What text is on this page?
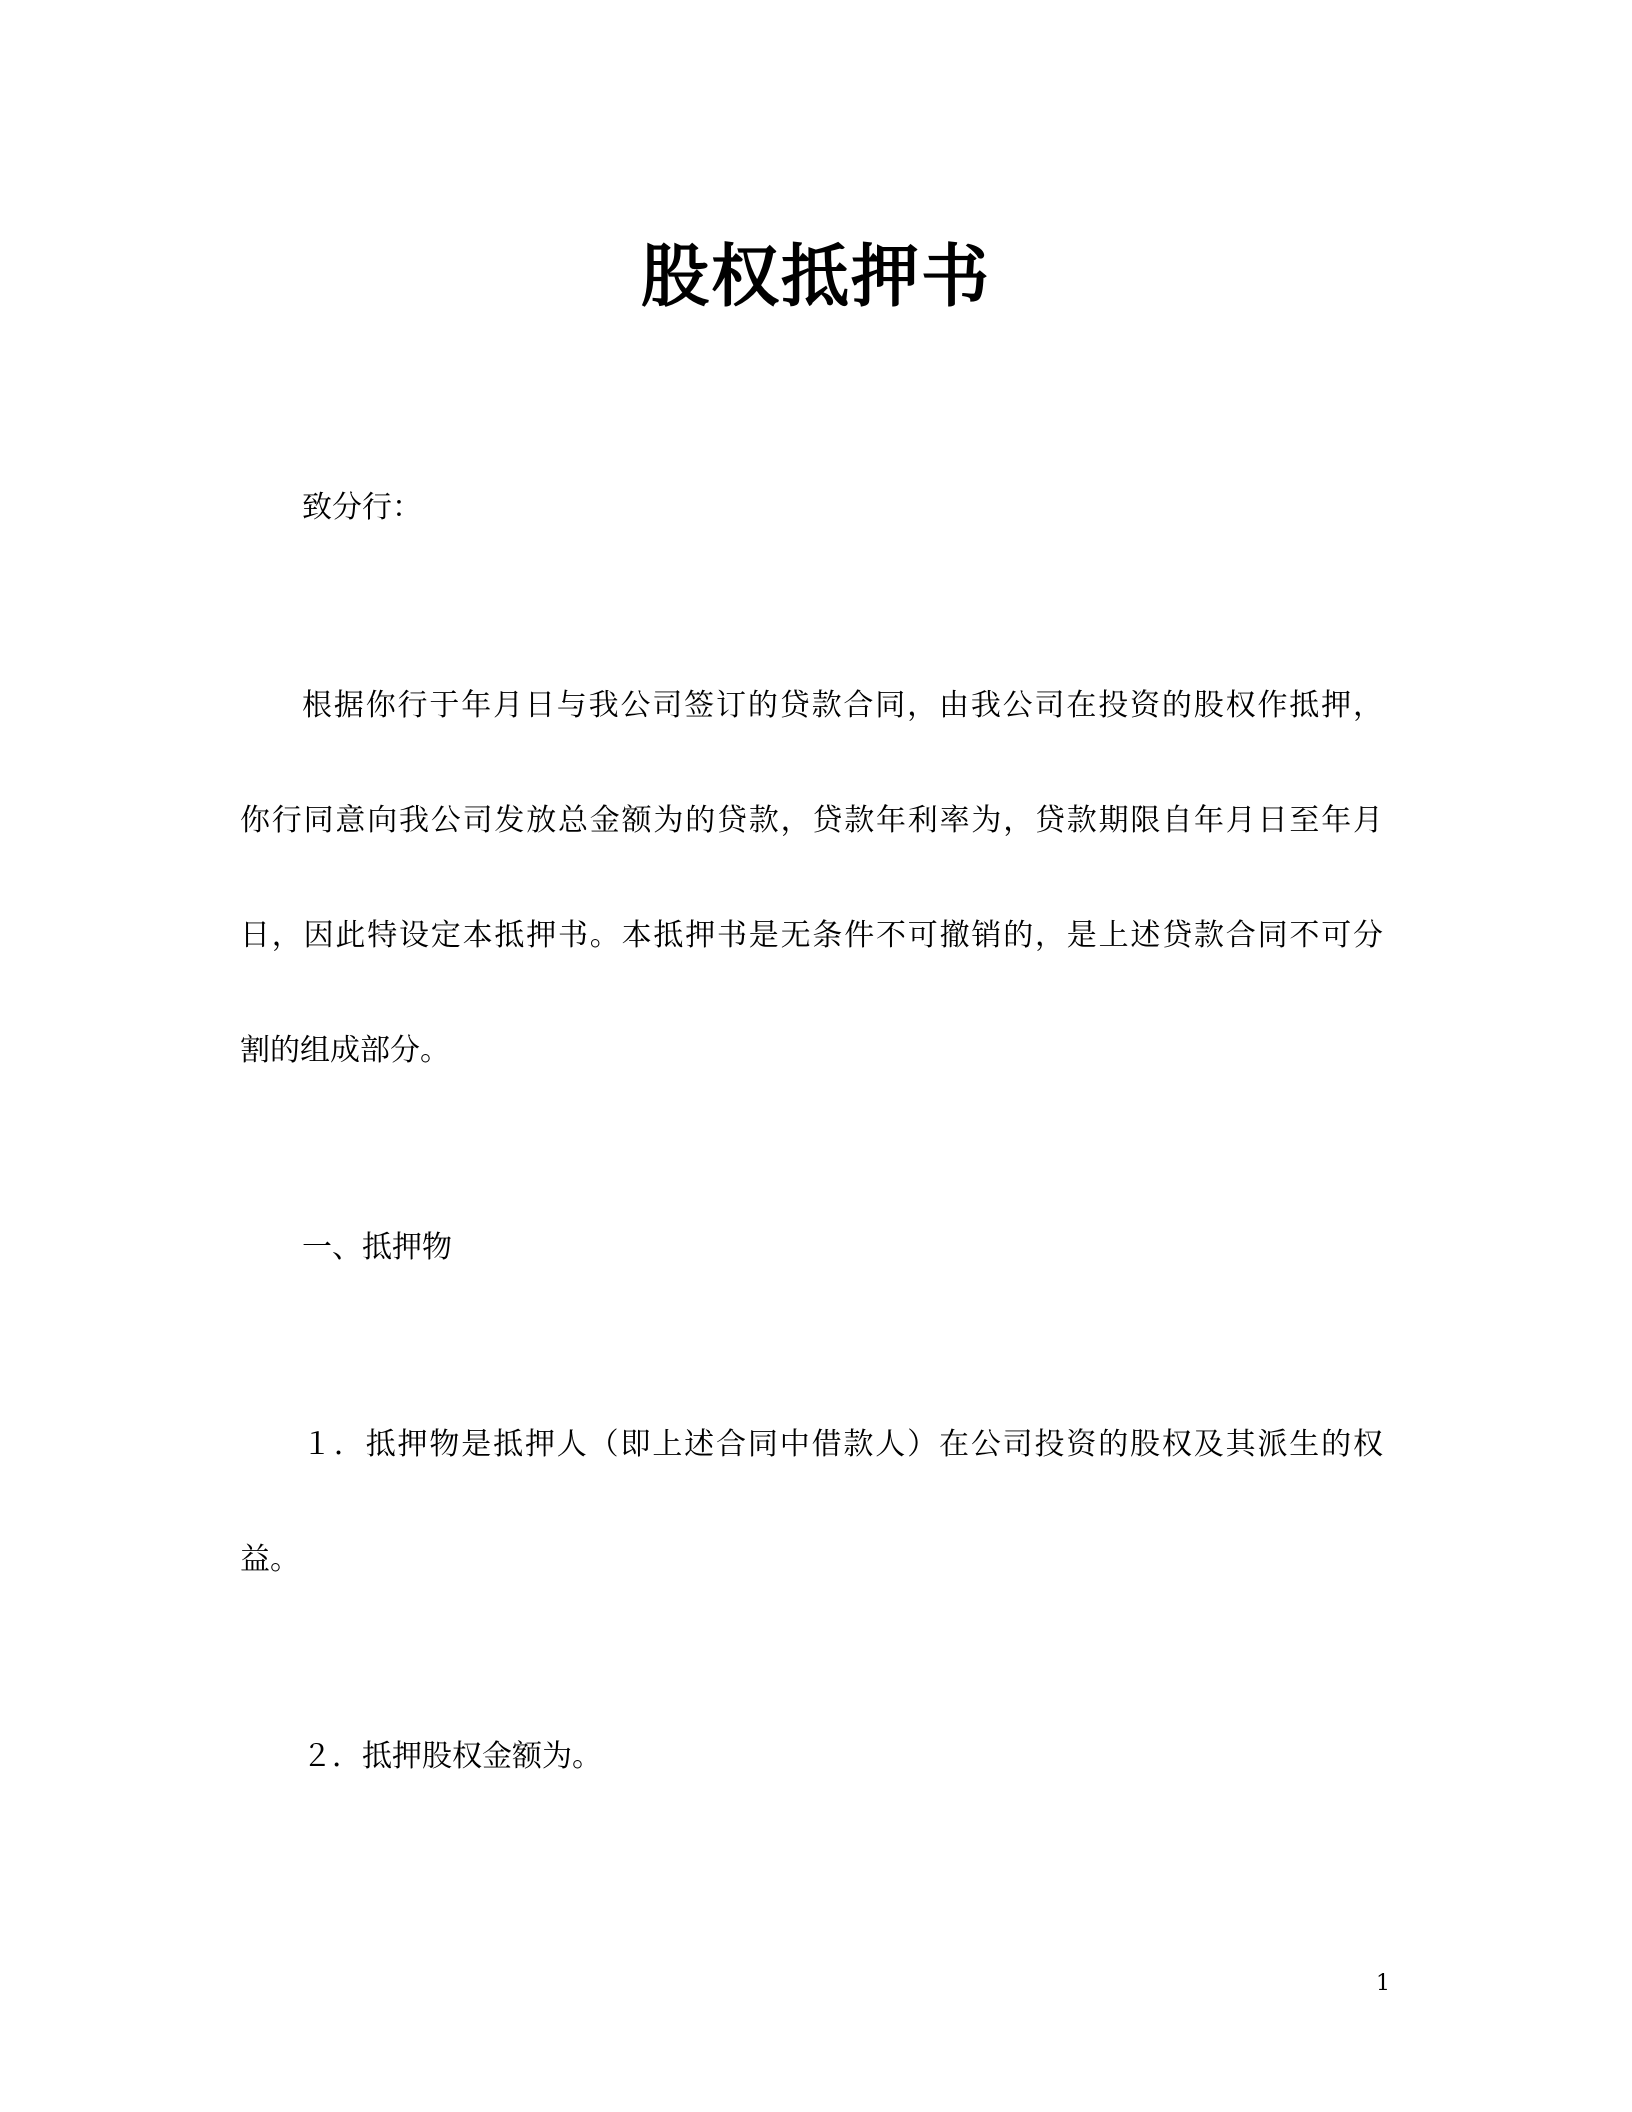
股权抵押书
致分行：
根据你行于年月日与我公司签订的贷款合同，由我公司在投资的股权作抵押，
你行同意向我公司发放总金额为的贷款，贷款年利率为，贷款期限自年月日至年月
日，因此特设定本抵押书。本抵押书是无条件不可撤销的，是上述贷款合同不可分
割的组成部分。
一、抵押物
１．抵押物是抵押人（即上述合同中借款人）在公司投资的股权及其派生的权
益。
２．抵押股权金额为。
1
